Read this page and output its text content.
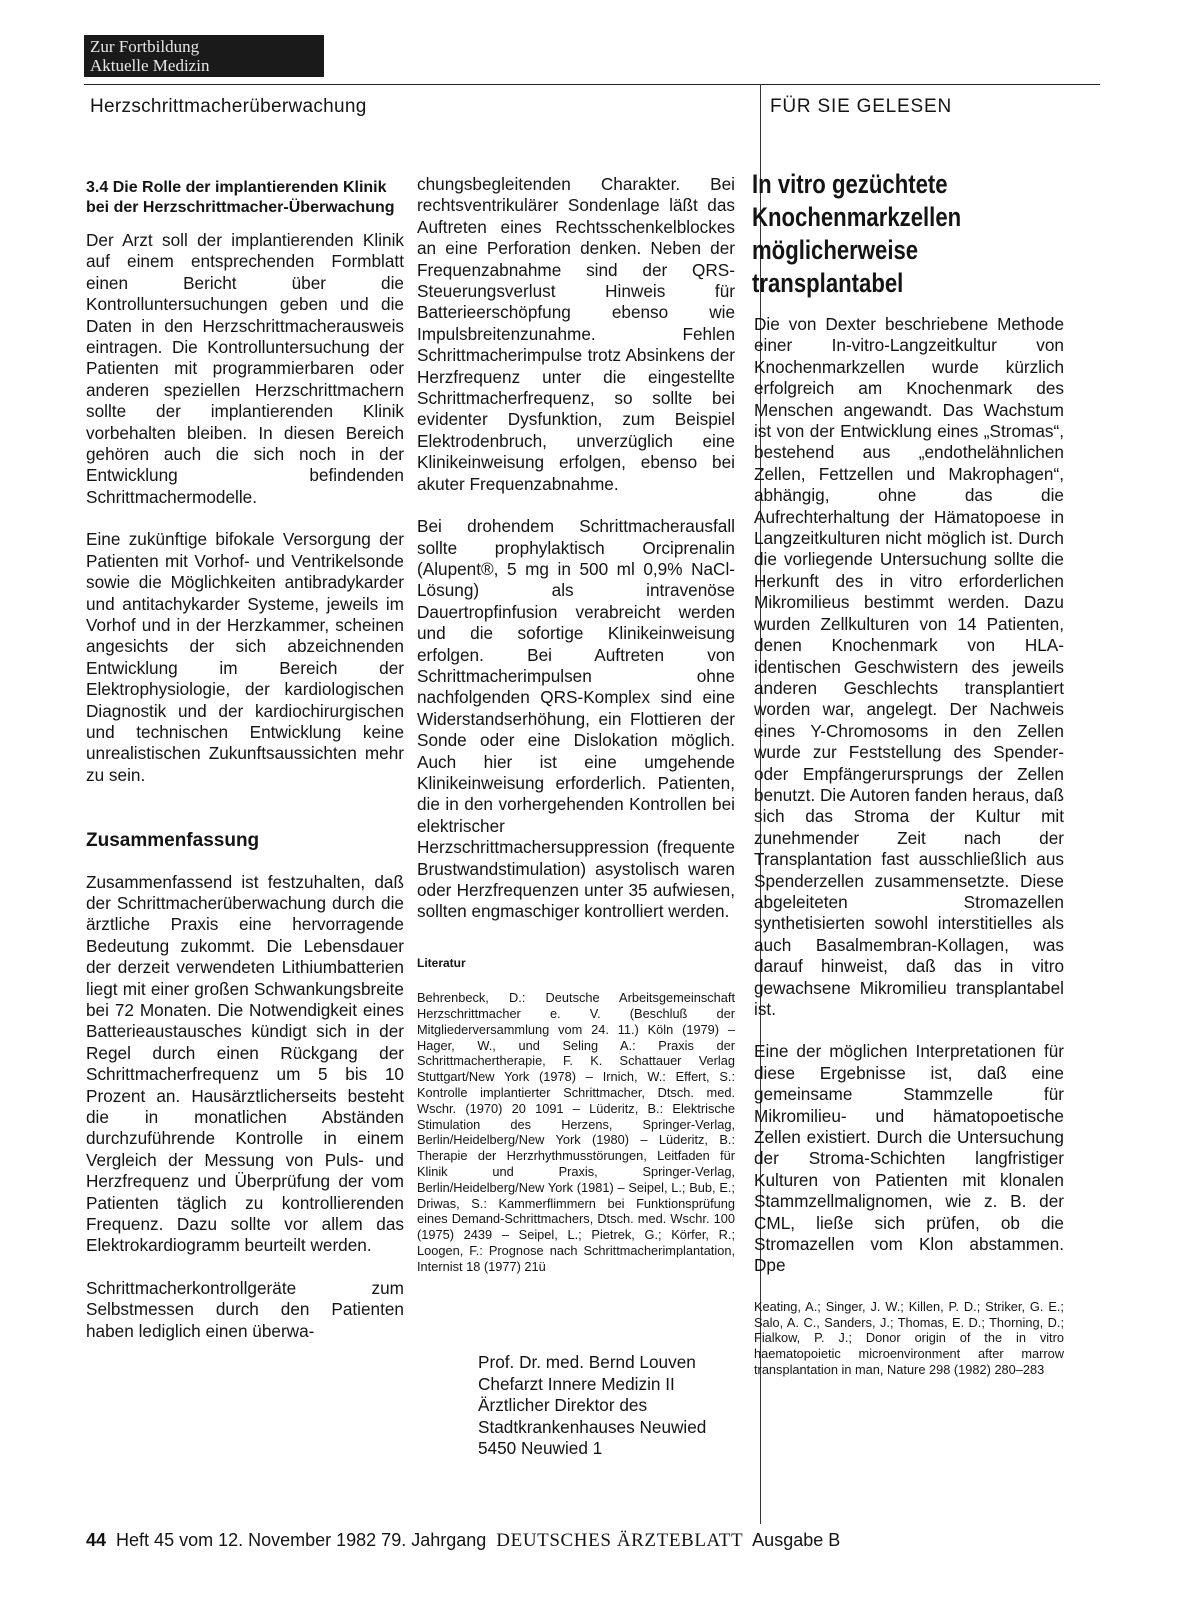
Zur Fortbildung
Aktuelle Medizin
Herzschrittmacherüberwachung	FÜR SIE GELESEN

3.4 Die Rolle der implantierenden Klinik bei der Herzschrittmacher-Überwachung

Der Arzt soll der implantierenden Klinik auf einem entsprechenden Formblatt einen Bericht über die Kontrolluntersuchungen geben und die Daten in den Herzschrittmacherausweis eintragen. Die Kontrolluntersuchung der Patienten mit programmierbaren oder anderen speziellen Herzschrittmachern sollte der implantierenden Klinik vorbehalten bleiben. In diesen Bereich gehören auch die sich noch in der Entwicklung befindenden Schrittmachermodelle.

Eine zukünftige bifokale Versorgung der Patienten mit Vorhof- und Ventrikelsonde sowie die Möglichkeiten antibradykarder und antitachykarder Systeme, jeweils im Vorhof und in der Herzkammer, scheinen angesichts der sich abzeichnenden Entwicklung im Bereich der Elektrophysiologie, der kardiologischen Diagnostik und der kardiochirurgischen und technischen Entwicklung keine unrealistischen Zukunftsaussichten mehr zu sein.

Zusammenfassung

Zusammenfassend ist festzuhalten, daß der Schrittmacherüberwachung durch die ärztliche Praxis eine hervorragende Bedeutung zukommt. Die Lebensdauer der derzeit verwendeten Lithiumbatterien liegt mit einer großen Schwankungsbreite bei 72 Monaten. Die Notwendigkeit eines Batterieaustausches kündigt sich in der Regel durch einen Rückgang der Schrittmacherfrequenz um 5 bis 10 Prozent an. Hausärztlicherseits besteht die in monatlichen Abständen durchzuführende Kontrolle in einem Vergleich der Messung von Puls- und Herzfrequenz und Überprüfung der vom Patienten täglich zu kontrollierenden Frequenz. Dazu sollte vor allem das Elektrokardiogramm beurteilt werden.

Schrittmacherkontrollgeräte zum Selbstmessen durch den Patienten haben lediglich einen überwa-

chungsbegleitenden Charakter. Bei rechtsventrikulärer Sondenlage läßt das Auftreten eines Rechtsschenkelblockes an eine Perforation denken. Neben der Frequenzabnahme sind der QRS-Steuerungsverlust Hinweis für Batterieerschöpfung ebenso wie Impulsbreitenzunahme. Fehlen Schrittmacherimpulse trotz Absinkens der Herzfrequenz unter die eingestellte Schrittmacherfrequenz, so sollte bei evidenter Dysfunktion, zum Beispiel Elektrodenbruch, unverzüglich eine Klinikeinweisung erfolgen, ebenso bei akuter Frequenzabnahme.

Bei drohendem Schrittmacherausfall sollte prophylaktisch Orciprenalin (Alupent®, 5 mg in 500 ml 0,9% NaCl-Lösung) als intravenöse Dauertropfinfusion verabreicht werden und die sofortige Klinikeinweisung erfolgen. Bei Auftreten von Schrittmacherimpulsen ohne nachfolgenden QRS-Komplex sind eine Widerstandserhöhung, ein Flottieren der Sonde oder eine Dislokation möglich. Auch hier ist eine umgehende Klinikeinweisung erforderlich. Patienten, die in den vorhergehenden Kontrollen bei elektrischer Herzschrittmachersuppression (frequente Brustwandstimulation) asystolisch waren oder Herzfrequenzen unter 35 aufwiesen, sollten engmaschiger kontrolliert werden.

Literatur

Behrenbeck, D.: Deutsche Arbeitsgemeinschaft Herzschrittmacher e. V. (Beschluß der Mitgliederversammlung vom 24. 11.) Köln (1979) – Hager, W., und Seling A.: Praxis der Schrittmachertherapie, F. K. Schattauer Verlag Stuttgart/New York (1978) – Irnich, W.: Effert, S.: Kontrolle implantierter Schrittmacher, Dtsch. med. Wschr. (1970) 20 1091 – Lüderitz, B.: Elektrische Stimulation des Herzens, Springer-Verlag, Berlin/Heidelberg/New York (1980) – Lüderitz, B.: Therapie der Herzrhythmusstörungen, Leitfaden für Klinik und Praxis, Springer-Verlag, Berlin/Heidelberg/New York (1981) – Seipel, L.; Bub, E.; Driwas, S.: Kammerflimmern bei Funktionsprüfung eines Demand-Schrittmachers, Dtsch. med. Wschr. 100 (1975) 2439 – Seipel, L.; Pietrek, G.; Körfer, R.; Loogen, F.: Prognose nach Schrittmacherimplantation, Internist 18 (1977) 21ü

Prof. Dr. med. Bernd Louven
Chefarzt Innere Medizin II
Ärztlicher Direktor des
Stadtkrankenhauses Neuwied
5450 Neuwied 1
In vitro gezüchtete Knochenmarkzellen möglicherweise transplantabel

Die von Dexter beschriebene Methode einer In-vitro-Langzeitkultur von Knochenmarkzellen wurde kürzlich erfolgreich am Knochenmark des Menschen angewandt. Das Wachstum ist von der Entwicklung eines „Stromas“, bestehend aus „endothelähnlichen Zellen, Fettzellen und Makrophagen“, abhängig, ohne das die Aufrechterhaltung der Hämatopoese in Langzeitkulturen nicht möglich ist. Durch die vorliegende Untersuchung sollte die Herkunft des in vitro erforderlichen Mikromilieus bestimmt werden. Dazu wurden Zellkulturen von 14 Patienten, denen Knochenmark von HLA-identischen Geschwistern des jeweils anderen Geschlechts transplantiert worden war, angelegt. Der Nachweis eines Y-Chromosoms in den Zellen wurde zur Feststellung des Spender- oder Empfängerursprungs der Zellen benutzt. Die Autoren fanden heraus, daß sich das Stroma der Kultur mit zunehmender Zeit nach der Transplantation fast ausschließlich aus Spenderzellen zusammensetzte. Diese abgeleiteten Stromazellen synthetisierten sowohl interstitielles als auch Basalmembran-Kollagen, was darauf hinweist, daß das in vitro gewachsene Mikromilieu transplantabel ist.

Eine der möglichen Interpretationen für diese Ergebnisse ist, daß eine gemeinsame Stammzelle für Mikromilieu- und hämatopoetische Zellen existiert. Durch die Untersuchung der Stroma-Schichten langfristiger Kulturen von Patienten mit klonalen Stammzellmalignomen, wie z. B. der CML, ließe sich prüfen, ob die Stromazellen vom Klon abstammen. Dpe

Keating, A.; Singer, J. W.; Killen, P. D.; Striker, G. E.; Salo, A. C., Sanders, J.; Thomas, E. D.; Thorning, D.; Fialkow, P. J.; Donor origin of the in vitro haematopoietic microenvironment after marrow transplantation in man, Nature 298 (1982) 280–283

44 Heft 45 vom 12. November 1982 79. Jahrgang DEUTSCHES ÄRZTEBLATT Ausgabe B
